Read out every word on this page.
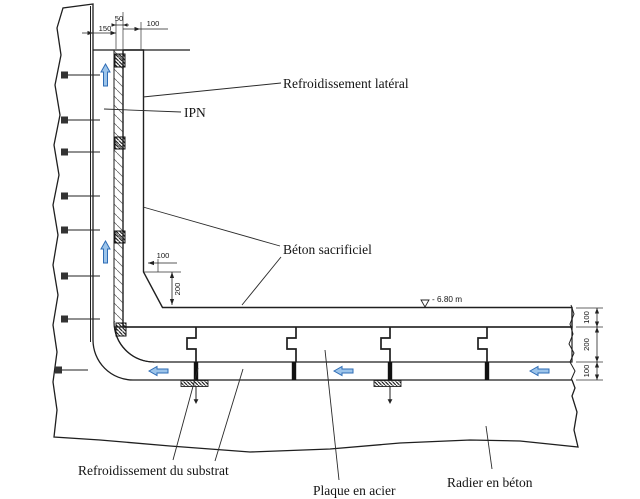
150
50
100
100
200
100
200
100
- 6.80 m
Refroidissement latéral
IPN
Béton sacrificiel
Refroidissement du substrat
Plaque en acier
Radier en béton
